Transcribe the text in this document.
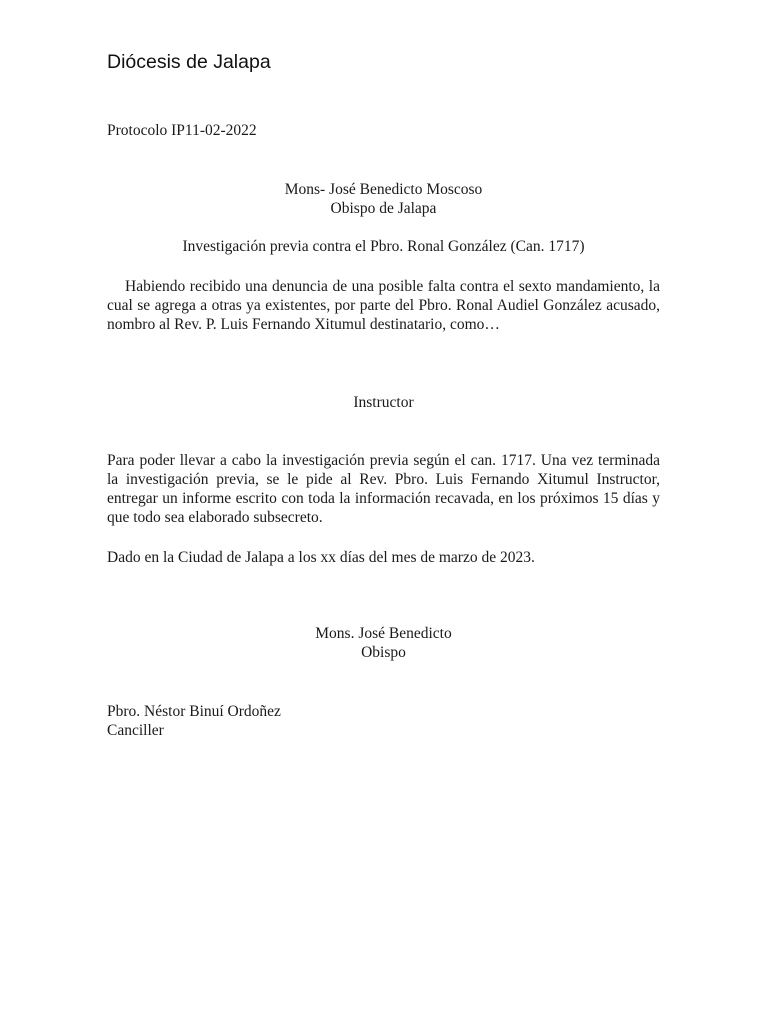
Diócesis de Jalapa
Protocolo IP11-02-2022
Mons- José Benedicto Moscoso
Obispo de Jalapa
Investigación previa contra el Pbro. Ronal González (Can. 1717)

Habiendo recibido una denuncia de una posible falta contra el sexto mandamiento, la cual se agrega a otras ya existentes, por parte del Pbro. Ronal Audiel González acusado, nombro al Rev. P. Luis Fernando Xitumul destinatario, como…

Instructor

Para poder llevar a cabo la investigación previa según el can. 1717. Una vez terminada la investigación previa, se le pide al Rev. Pbro. Luis Fernando Xitumul Instructor, entregar un informe escrito con toda la información recavada, en los próximos 15 días y que todo sea elaborado subsecreto.

Dado en la Ciudad de Jalapa a los xx días del mes de marzo de 2023.
Mons. José Benedicto
Obispo
Pbro. Néstor Binuí Ordoñez
Canciller
